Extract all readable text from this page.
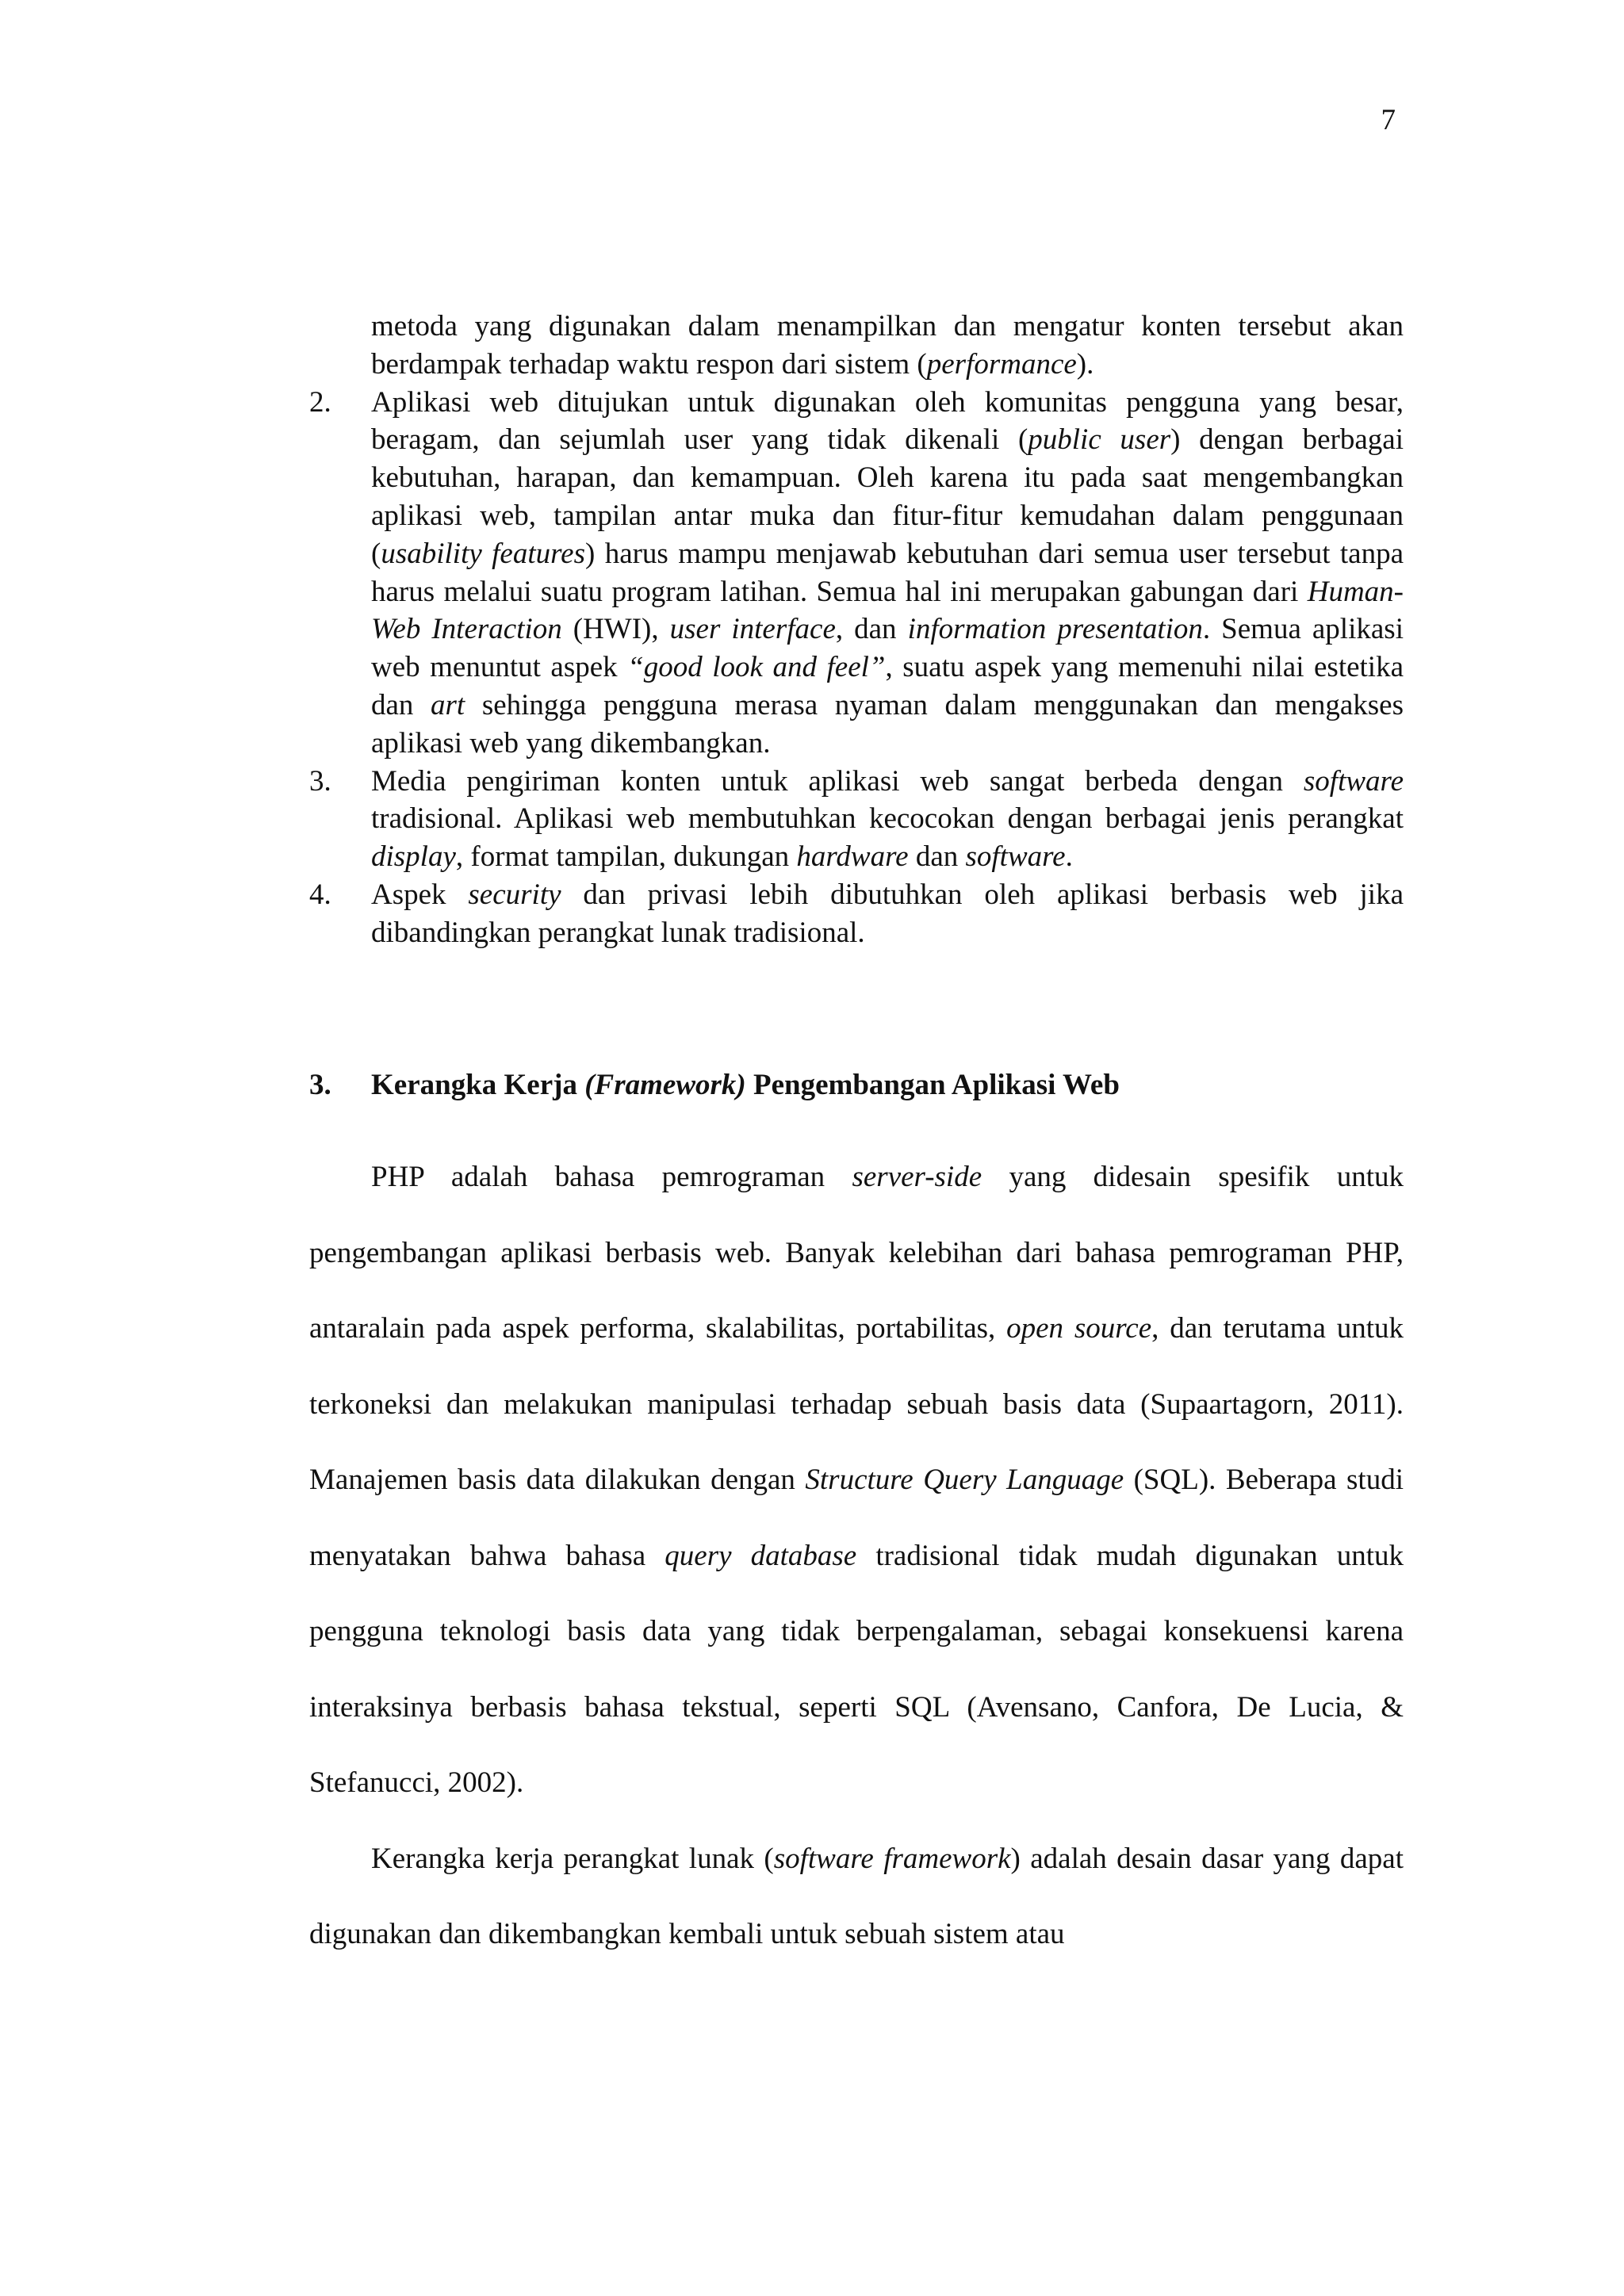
7
metoda yang digunakan dalam menampilkan dan mengatur konten tersebut akan berdampak terhadap waktu respon dari sistem (performance).
2. Aplikasi web ditujukan untuk digunakan oleh komunitas pengguna yang besar, beragam, dan sejumlah user yang tidak dikenali (public user) dengan berbagai kebutuhan, harapan, dan kemampuan. Oleh karena itu pada saat mengembangkan aplikasi web, tampilan antar muka dan fitur-fitur kemudahan dalam penggunaan (usability features) harus mampu menjawab kebutuhan dari semua user tersebut tanpa harus melalui suatu program latihan. Semua hal ini merupakan gabungan dari Human-Web Interaction (HWI), user interface, dan information presentation. Semua aplikasi web menuntut aspek “good look and feel”, suatu aspek yang memenuhi nilai estetika dan art sehingga pengguna merasa nyaman dalam menggunakan dan mengakses aplikasi web yang dikembangkan.
3. Media pengiriman konten untuk aplikasi web sangat berbeda dengan software tradisional. Aplikasi web membutuhkan kecocokan dengan berbagai jenis perangkat display, format tampilan, dukungan hardware dan software.
4. Aspek security dan privasi lebih dibutuhkan oleh aplikasi berbasis web jika dibandingkan perangkat lunak tradisional.
3. Kerangka Kerja (Framework) Pengembangan Aplikasi Web

PHP adalah bahasa pemrograman server-side yang didesain spesifik untuk pengembangan aplikasi berbasis web. Banyak kelebihan dari bahasa pemrograman PHP, antaralain pada aspek performa, skalabilitas, portabilitas, open source, dan terutama untuk terkoneksi dan melakukan manipulasi terhadap sebuah basis data (Supaartagorn, 2011). Manajemen basis data dilakukan dengan Structure Query Language (SQL). Beberapa studi menyatakan bahwa bahasa query database tradisional tidak mudah digunakan untuk pengguna teknologi basis data yang tidak berpengalaman, sebagai konsekuensi karena interaksinya berbasis bahasa tekstual, seperti SQL (Avensano, Canfora, De Lucia, & Stefanucci, 2002).

Kerangka kerja perangkat lunak (software framework) adalah desain dasar yang dapat digunakan dan dikembangkan kembali untuk sebuah sistem atau
